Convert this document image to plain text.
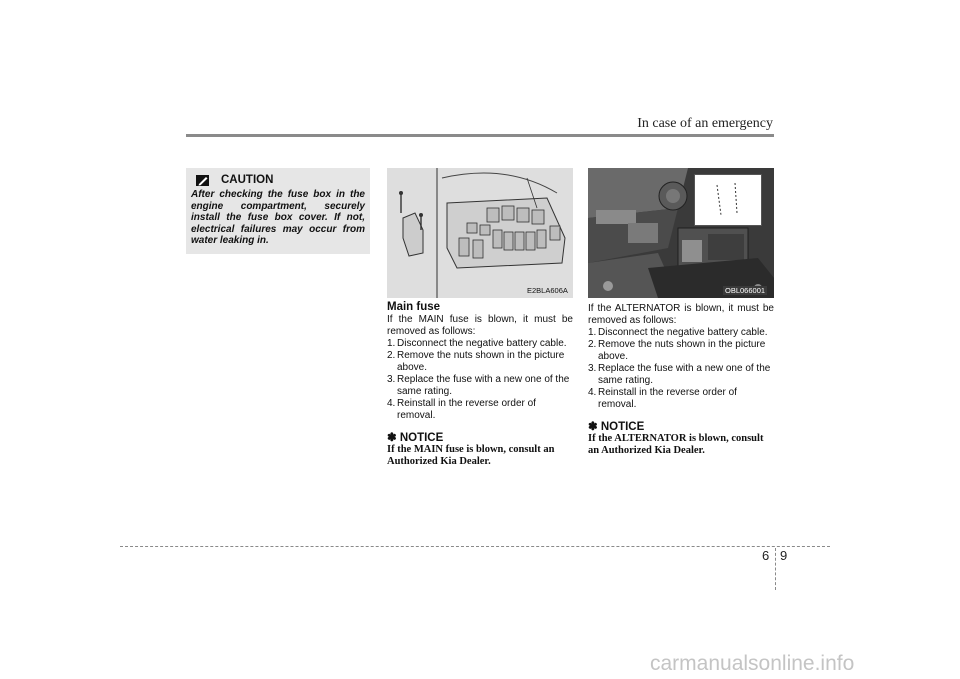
In case of an emergency
CAUTION
After checking the fuse box in the engine compartment, securely install the fuse box cover. If not, electrical failures may occur from water leaking in.
E2BLA606A	OBL066001
Main fuse
If the MAIN fuse is blown, it must be removed as follows:
1. Disconnect the negative battery cable.
2. Remove the nuts shown in the picture above.
3. Replace the fuse with a new one of the same rating.
4. Reinstall in the reverse order of removal.
✽ NOTICE
If the MAIN fuse is blown, consult an Authorized Kia Dealer.
If the ALTERNATOR is blown, it must be removed as follows:
1. Disconnect the negative battery cable.
2. Remove the nuts shown in the picture above.
3. Replace the fuse with a new one of the same rating.
4. Reinstall in the reverse order of removal.
✽ NOTICE
If the ALTERNATOR is blown, consult an Authorized Kia Dealer.
6 9
carmanualsonline.info
